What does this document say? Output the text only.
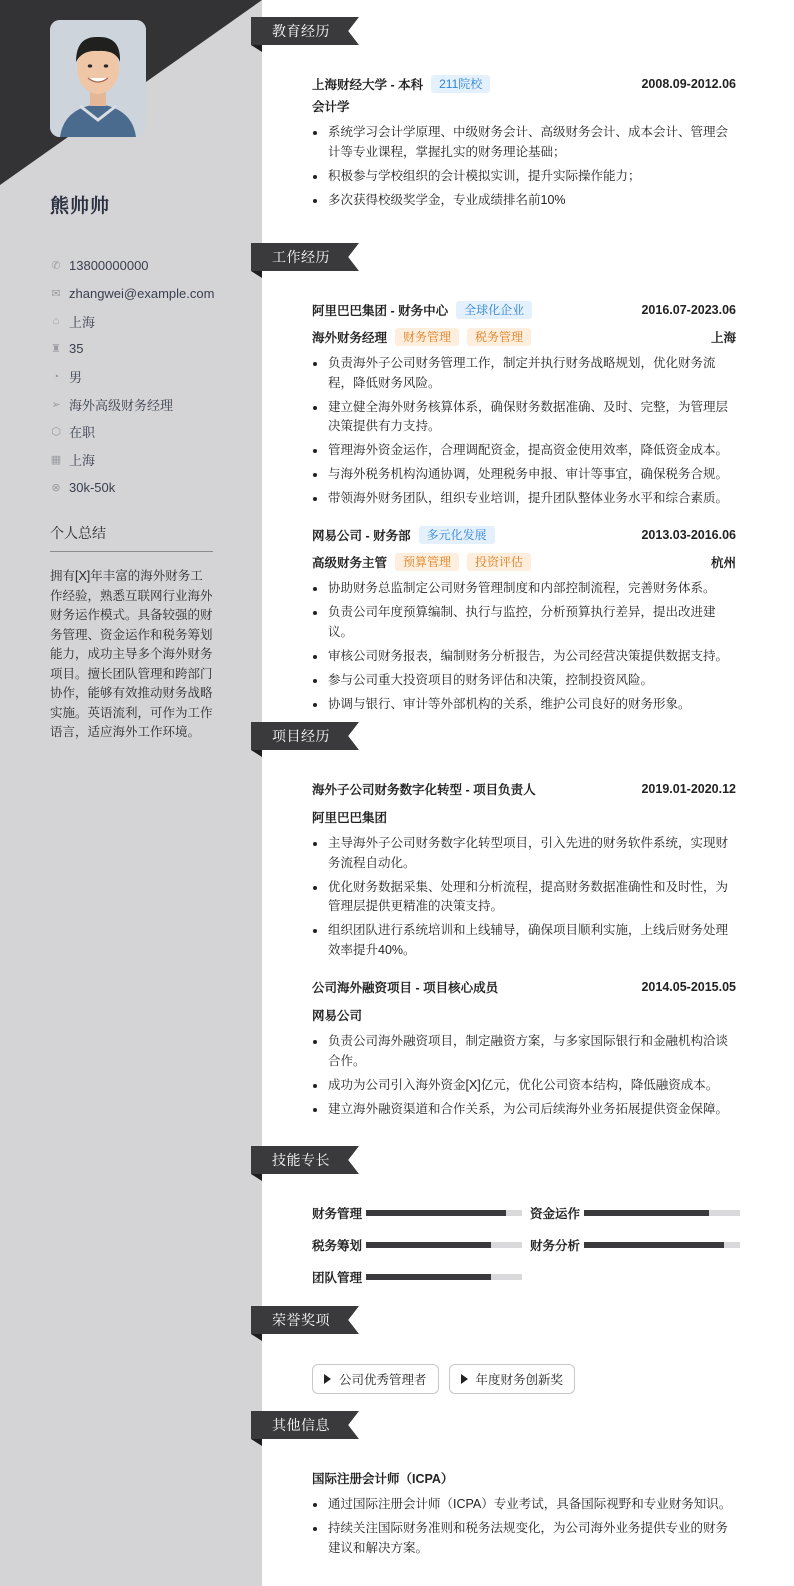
熊帅帅
✆ 13800000000
✉ zhangwei@example.com
⌂ 上海
♜ 35
◔ 男
➢ 海外高级财务经理
⬡ 在职
▦ 上海
⊗ 30k-50k
个人总结
拥有[X]年丰富的海外财务工作经验，熟悉互联网行业海外财务运作模式。具备较强的财务管理、资金运作和税务筹划能力，成功主导多个海外财务项目。擅长团队管理和跨部门协作，能够有效推动财务战略实施。英语流利，可作为工作语言，适应海外工作环境。
教育经历
上海财经大学 - 本科	211院校	2008.09-2012.06
会计学
系统学习会计学原理、中级财务会计、高级财务会计、成本会计、管理会计等专业课程，掌握扎实的财务理论基础；
积极参与学校组织的会计模拟实训，提升实际操作能力；
多次获得校级奖学金，专业成绩排名前10%
工作经历
阿里巴巴集团 - 财务中心	全球化企业	2016.07-2023.06
海外财务经理	财务管理	税务管理	上海
负责海外子公司财务管理工作，制定并执行财务战略规划，优化财务流程，降低财务风险。
建立健全海外财务核算体系，确保财务数据准确、及时、完整，为管理层决策提供有力支持。
管理海外资金运作，合理调配资金，提高资金使用效率，降低资金成本。
与海外税务机构沟通协调，处理税务申报、审计等事宜，确保税务合规。
带领海外财务团队，组织专业培训，提升团队整体业务水平和综合素质。
网易公司 - 财务部	多元化发展	2013.03-2016.06
高级财务主管	预算管理	投资评估	杭州
协助财务总监制定公司财务管理制度和内部控制流程，完善财务体系。
负责公司年度预算编制、执行与监控，分析预算执行差异，提出改进建议。
审核公司财务报表，编制财务分析报告，为公司经营决策提供数据支持。
参与公司重大投资项目的财务评估和决策，控制投资风险。
协调与银行、审计等外部机构的关系，维护公司良好的财务形象。
项目经历
海外子公司财务数字化转型 - 项目负责人	2019.01-2020.12
阿里巴巴集团
主导海外子公司财务数字化转型项目，引入先进的财务软件系统，实现财务流程自动化。
优化财务数据采集、处理和分析流程，提高财务数据准确性和及时性，为管理层提供更精准的决策支持。
组织团队进行系统培训和上线辅导，确保项目顺利实施，上线后财务处理效率提升40%。
公司海外融资项目 - 项目核心成员	2014.05-2015.05
网易公司
负责公司海外融资项目，制定融资方案，与多家国际银行和金融机构洽谈合作。
成功为公司引入海外资金[X]亿元，优化公司资本结构，降低融资成本。
建立海外融资渠道和合作关系，为公司后续海外业务拓展提供资金保障。
技能专长
财务管理	资金运作
税务筹划	财务分析
团队管理
荣誉奖项
公司优秀管理者	年度财务创新奖
其他信息
国际注册会计师（ICPA）
通过国际注册会计师（ICPA）专业考试，具备国际视野和专业财务知识。
持续关注国际财务准则和税务法规变化，为公司海外业务提供专业的财务建议和解决方案。
